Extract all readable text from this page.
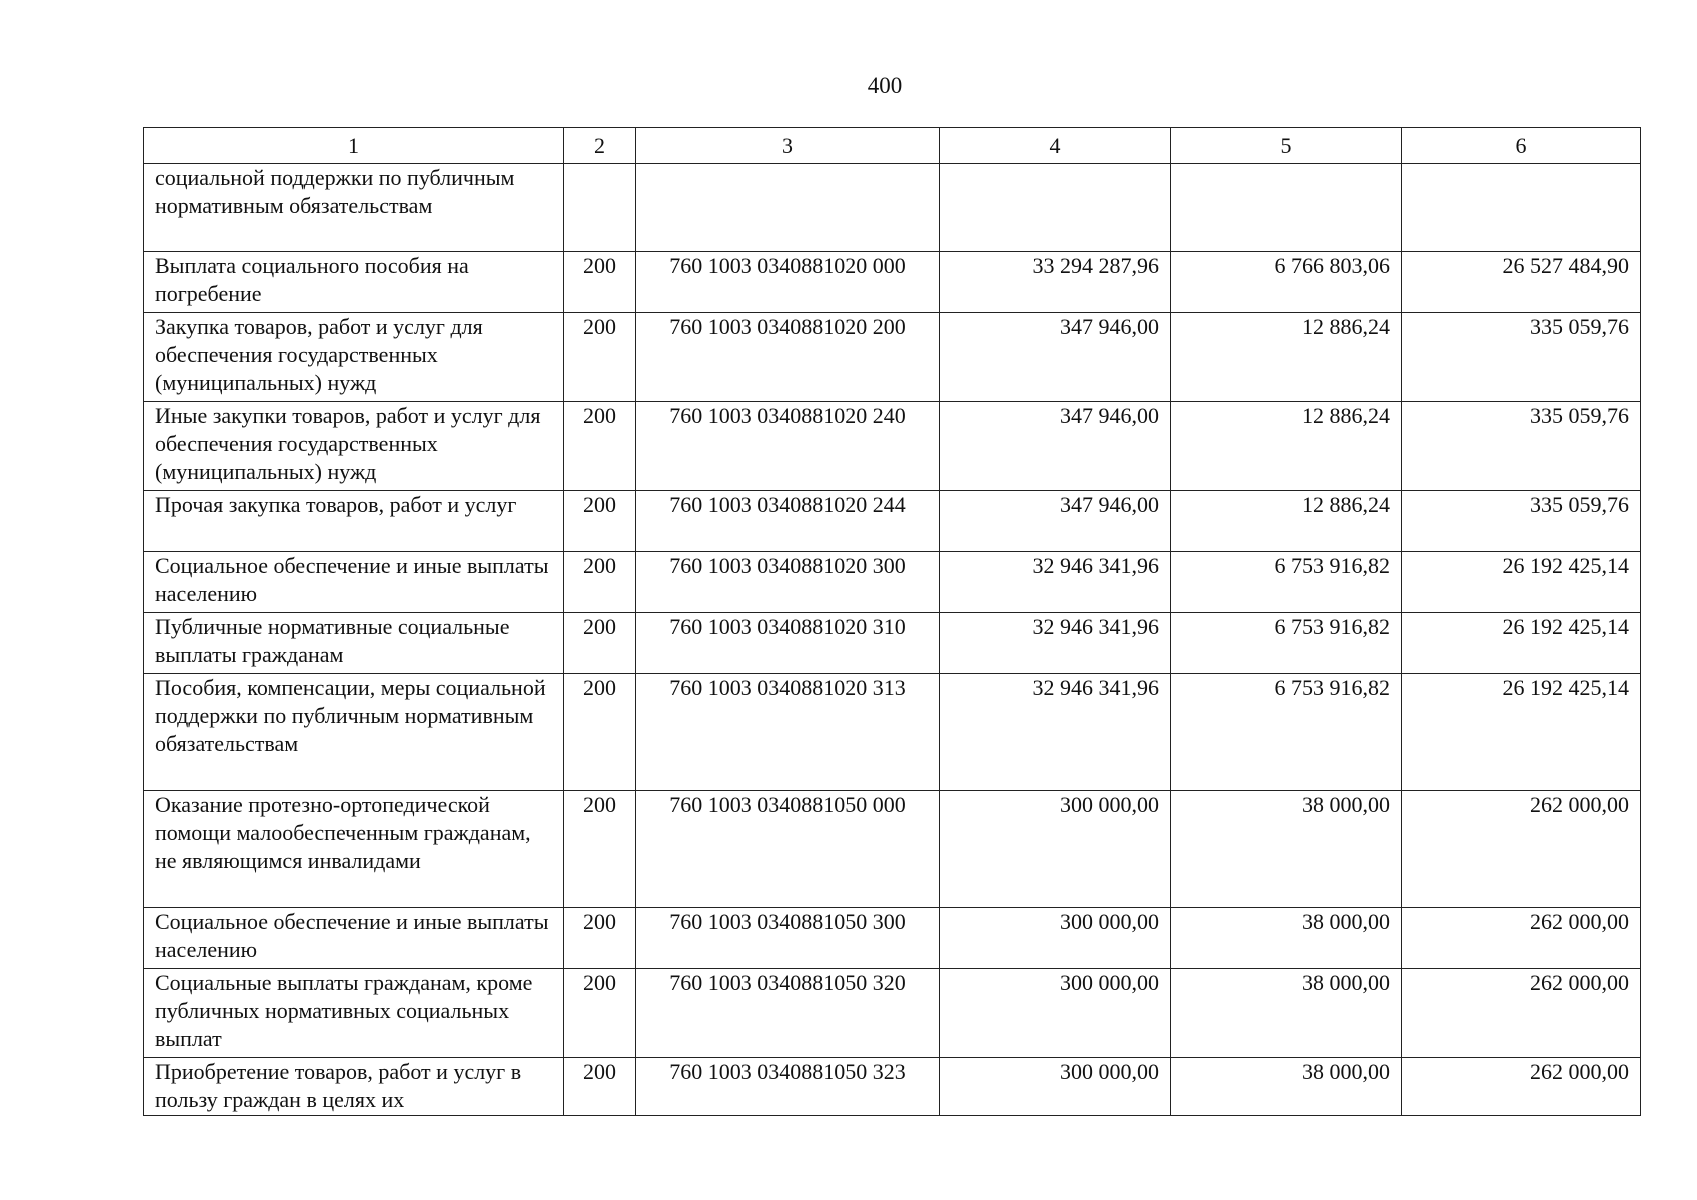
400
1	2	3	4	5	6
социальной поддержки по публичным нормативным обязательствам					
Выплата социального пособия на погребение	200	760 1003 0340881020 000	33 294 287,96	6 766 803,06	26 527 484,90
Закупка товаров, работ и услуг для обеспечения государственных (муниципальных) нужд	200	760 1003 0340881020 200	347 946,00	12 886,24	335 059,76
Иные закупки товаров, работ и услуг для обеспечения государственных (муниципальных) нужд	200	760 1003 0340881020 240	347 946,00	12 886,24	335 059,76
Прочая закупка товаров, работ и услуг	200	760 1003 0340881020 244	347 946,00	12 886,24	335 059,76
Социальное обеспечение и иные выплаты населению	200	760 1003 0340881020 300	32 946 341,96	6 753 916,82	26 192 425,14
Публичные нормативные социальные выплаты гражданам	200	760 1003 0340881020 310	32 946 341,96	6 753 916,82	26 192 425,14
Пособия, компенсации, меры социальной поддержки по публичным нормативным обязательствам	200	760 1003 0340881020 313	32 946 341,96	6 753 916,82	26 192 425,14
Оказание протезно-ортопедической помощи малообеспеченным гражданам, не являющимся инвалидами	200	760 1003 0340881050 000	300 000,00	38 000,00	262 000,00
Социальное обеспечение и иные выплаты населению	200	760 1003 0340881050 300	300 000,00	38 000,00	262 000,00
Социальные выплаты гражданам, кроме публичных нормативных социальных выплат	200	760 1003 0340881050 320	300 000,00	38 000,00	262 000,00
Приобретение товаров, работ и услуг в пользу граждан в целях их	200	760 1003 0340881050 323	300 000,00	38 000,00	262 000,00
